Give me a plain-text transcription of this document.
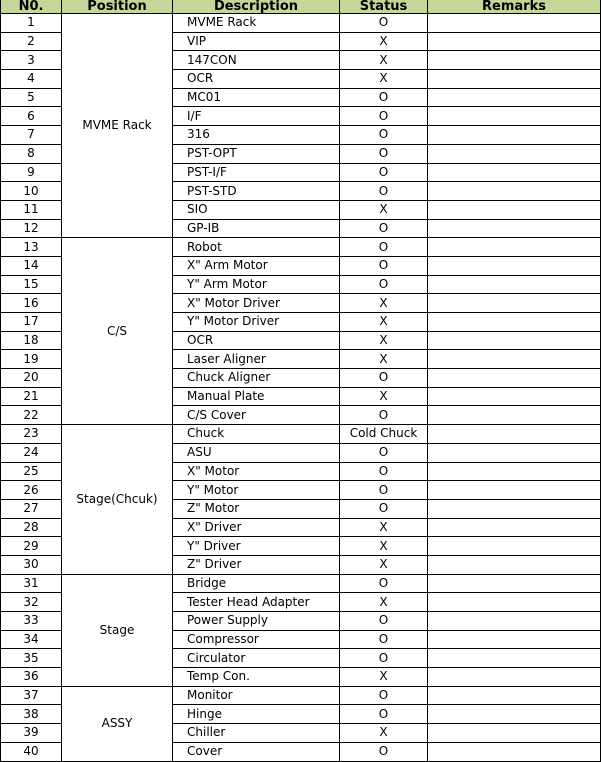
N0.	Position	Description	Status	Remarks
1	MVME Rack	MVME Rack	O	
2		VIP	X	
3		147CON	X	
4		OCR	X	
5		MC01	O	
6		I/F	O	
7		316	O	
8		PST-OPT	O	
9		PST-I/F	O	
10		PST-STD	O	
11		SIO	X	
12		GP-IB	O	
13	C/S	Robot	O	
14		X" Arm Motor	O	
15		Y" Arm Motor	O	
16		X" Motor Driver	X	
17		Y" Motor Driver	X	
18		OCR	X	
19		Laser Aligner	X	
20		Chuck Aligner	O	
21		Manual Plate	X	
22		C/S Cover	O	
23	Stage(Chcuk)	Chuck	Cold Chuck	
24		ASU	O	
25		X" Motor	O	
26		Y" Motor	O	
27		Z" Motor	O	
28		X" Driver	X	
29		Y" Driver	X	
30		Z" Driver	X	
31	Stage	Bridge	O	
32		Tester Head Adapter	X	
33		Power Supply	O	
34		Compressor	O	
35		Circulator	O	
36		Temp Con.	X	
37	ASSY	Monitor	O	
38		Hinge	O	
39		Chiller	X	
40		Cover	O	
